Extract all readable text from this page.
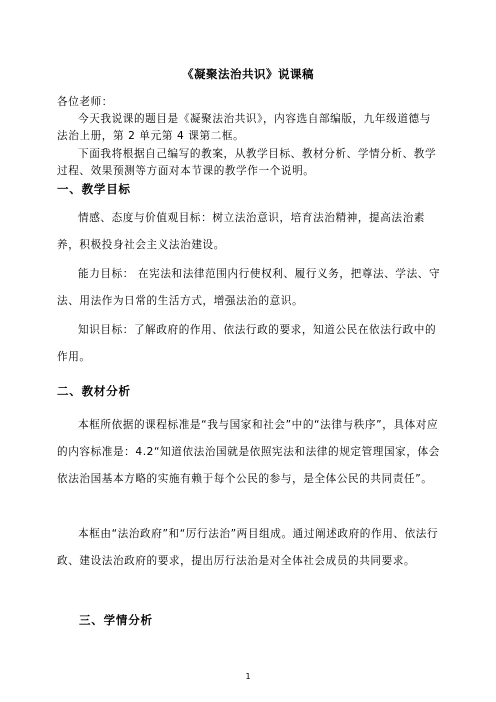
《凝聚法治共识》说课稿
各位老师：
今天我说课的题目是《凝聚法治共识》，内容选自部编版，九年级道德与法治上册，第 2 单元第 4 课第二框。
下面我将根据自己编写的教案，从教学目标、教材分析、学情分析、教学过程、效果预测等方面对本节课的教学作一个说明。
一、教学目标
情感、态度与价值观目标：树立法治意识，培育法治精神，提高法治素养，积极投身社会主义法治建设。
能力目标： 在宪法和法律范围内行使权利、履行义务，把尊法、学法、守法、用法作为日常的生活方式，增强法治的意识。
知识目标：了解政府的作用、依法行政的要求，知道公民在依法行政中的作用。
二、教材分析
本框所依据的课程标准是“我与国家和社会”中的“法律与秩序”，具体对应的内容标准是：4.2“知道依法治国就是依照宪法和法律的规定管理国家，体会依法治国基本方略的实施有赖于每个公民的参与，是全体公民的共同责任”。
本框由“法治政府”和“厉行法治”两目组成。通过阐述政府的作用、依法行政、建设法治政府的要求，提出厉行法治是对全体社会成员的共同要求。
三、学情分析
1
